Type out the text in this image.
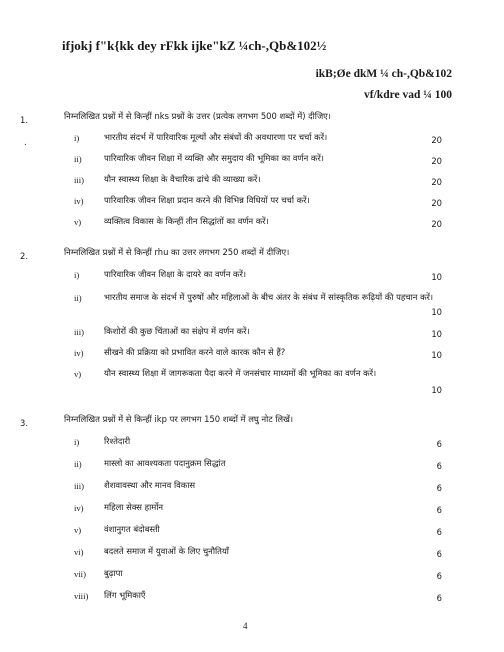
ifjokj f"k{kk dey rFkk ijke"kZ ¼ch-,Qb&102½
ikB;Øe dkM ¼ ch-,Qb&102
vf/kdre vad ¼ 100
1.	निम्नलिखित प्रश्नों में से किन्हीं nks प्रश्नों के उत्तर (प्रत्येक लगभग 500 शब्दों में) दीजिए।
.	i)	भारतीय संदर्भ में पारिवारिक मूल्यों और संबंधों की अवधारणा पर चर्चा करें।	20
ii)	पारिवारिक जीवन शिक्षा में व्यक्ति और समुदाय की भूमिका का वर्णन करें।	20
iii) यौन स्वास्थ्य शिक्षा के वैचारिक ढांचे की व्याख्या करें।	20
iv) पारिवारिक जीवन शिक्षा प्रदान करने की विभिन्न विधियों पर चर्चा करें।	20
v)	व्यक्तित्व विकास के किन्हीं तीन सिद्धांतों का वर्णन करें।	20
2.	निम्नलिखित प्रश्नों में से किन्हीं rhu का उत्तर लगभग 250 शब्दों में दीजिए।
i)	पारिवारिक जीवन शिक्षा के दायरे का वर्णन करें।	10
ii)	भारतीय समाज के संदर्भ में पुरुषों और महिलाओं के बीच अंतर के संबंध में सांस्कृतिक रूढ़ियों की पहचान करें।
10
iii) किशोरों की कुछ चिंताओं का संक्षेप में वर्णन करें।	10
iv) सीखने की प्रक्रिया को प्रभावित करने वाले कारक कौन से हैं?	10
v)	यौन स्वास्थ्य शिक्षा में जागरूकता पैदा करने में जनसंचार माध्यमों की भूमिका का वर्णन करें।
10
3.	निम्नलिखित प्रश्नों में से किन्हीं ikp पर लगभग 150 शब्दों में लघु नोट लिखें।
i)	रिश्तेदारी	6
ii)	मास्लो का आवश्यकता पदानुक्रम सिद्धांत	6
iii) शैशवावस्था और मानव विकास	6
iv) महिला सेक्स हार्मोन	6
v)	वंशानुगत बंदोबस्ती	6
vi) बदलते समाज में युवाओं के लिए चुनौतियाँ	6
vii) बुढ़ापा	6
viii) लिंग भूमिकाएँ	6
4
